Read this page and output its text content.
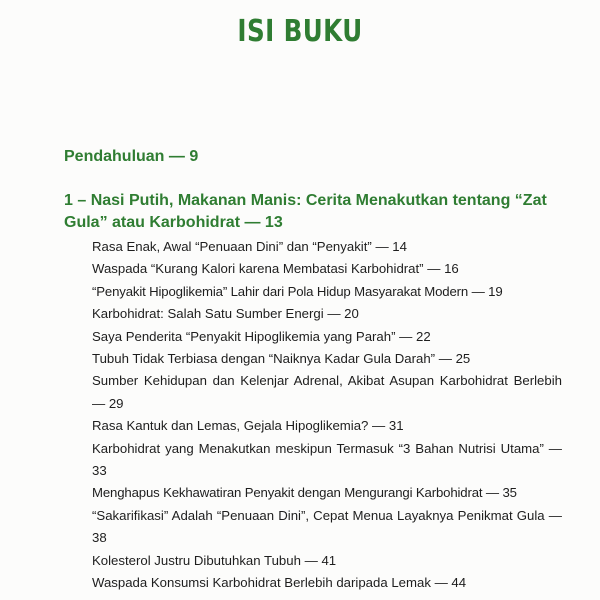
ISI BUKU
Pendahuluan — 9
1 – Nasi Putih, Makanan Manis: Cerita Menakutkan tentang “Zat Gula” atau Karbohidrat — 13
Rasa Enak, Awal “Penuaan Dini” dan “Penyakit” — 14
Waspada “Kurang Kalori karena Membatasi Karbohidrat” — 16
“Penyakit Hipoglikemia” Lahir dari Pola Hidup Masyarakat Modern — 19
Karbohidrat: Salah Satu Sumber Energi — 20
Saya Penderita “Penyakit Hipoglikemia yang Parah” — 22
Tubuh Tidak Terbiasa dengan “Naiknya Kadar Gula Darah” — 25
Sumber Kehidupan dan Kelenjar Adrenal, Akibat Asupan Karbohidrat Berlebih — 29
Rasa Kantuk dan Lemas, Gejala Hipoglikemia? — 31
Karbohidrat yang Menakutkan meskipun Termasuk “3 Bahan Nutrisi Utama” — 33
Menghapus Kekhawatiran Penyakit dengan Mengurangi Karbohidrat — 35
“Sakarifikasi” Adalah “Penuaan Dini”, Cepat Menua Layaknya Penikmat Gula — 38
Kolesterol Justru Dibutuhkan Tubuh — 41
Waspada Konsumsi Karbohidrat Berlebih daripada Lemak — 44
